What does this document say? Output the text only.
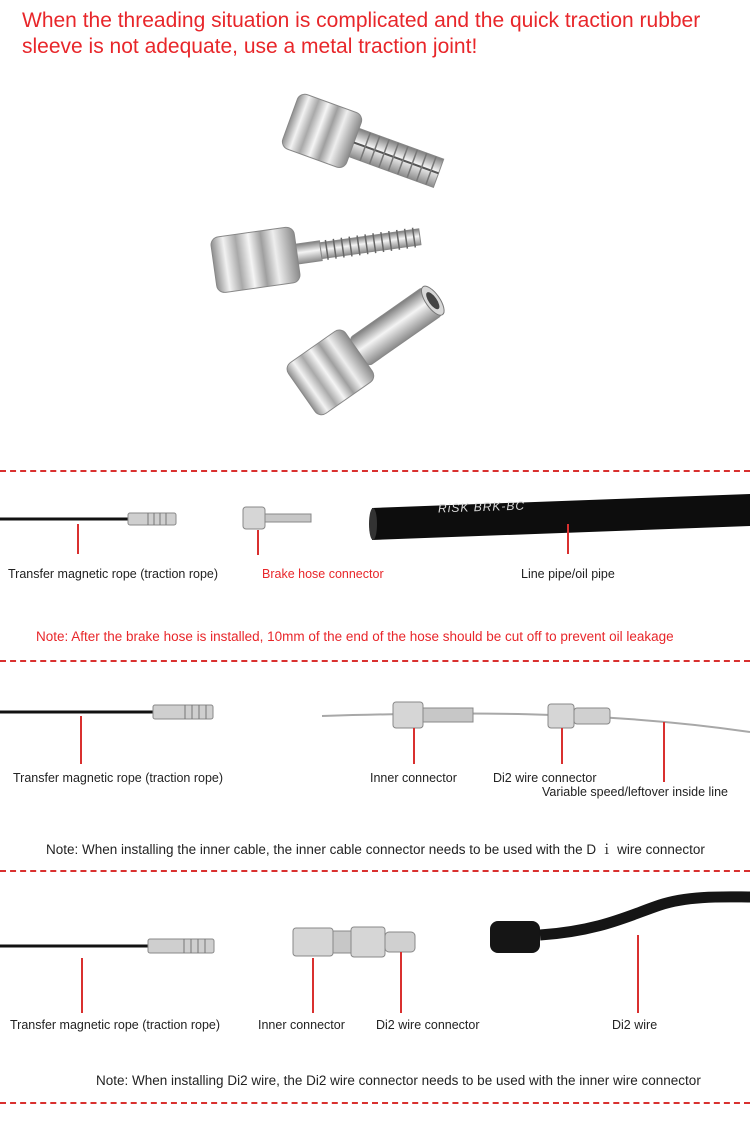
When the threading situation is complicated and the quick traction rubber sleeve is not adequate, use a metal traction joint!
RiSK BRK-BC
Transfer magnetic rope (traction rope)	Brake hose connector	Line pipe/oil pipe
Note: After the brake hose is installed, 10mm of the end of the hose should be cut off to prevent oil leakage
Transfer magnetic rope (traction rope)	Inner connector	Di2 wire connector
Variable speed/leftover inside line
Note: When installing the inner cable, the inner cable connector needs to be used with the D ｉ wire connector
Transfer magnetic rope (traction rope)	Inner connector Di2 wire connector	Di2 wire
Note: When installing Di2 wire, the Di2 wire connector needs to be used with the inner wire connector
